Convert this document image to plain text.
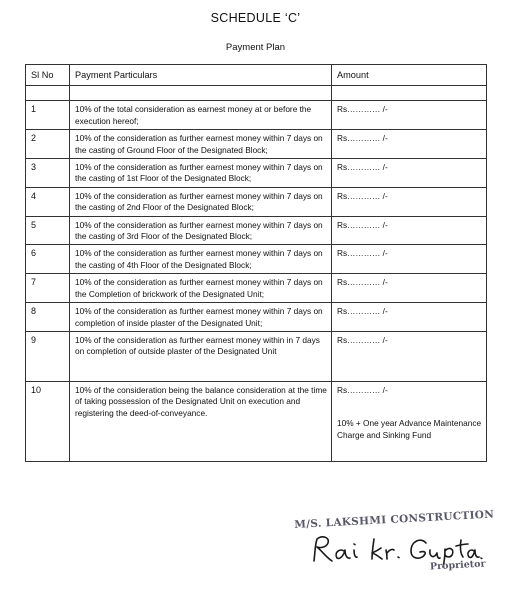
SCHEDULE ‘C’
Payment Plan
Sl No	Payment Particulars	Amount

1	10% of the total consideration as earnest money at or before the execution hereof;	Rs………… /-
2	10% of the consideration as further earnest money within 7 days on the casting of Ground Floor of the Designated Block;	Rs………… /-
3	10% of the consideration as further earnest money within 7 days on the casting of 1st Floor of the Designated Block;	Rs………… /-
4	10% of the consideration as further earnest money within 7 days on the casting of 2nd Floor of the Designated Block;	Rs………… /-
5	10% of the consideration as further earnest money within 7 days on the casting of 3rd Floor of the Designated Block;	Rs………… /-
6	10% of the consideration as further earnest money within 7 days on the casting of 4th Floor of the Designated Block;	Rs………… /-
7	10% of the consideration as further earnest money within 7 days on the Completion of brickwork of the Designated Unit;	Rs………… /-
8	10% of the consideration as further earnest money within 7 days on completion of inside plaster of the Designated Unit;	Rs………… /-
9	10% of the consideration as further earnest money within in 7 days on completion of outside plaster of the Designated Unit	Rs………… /-
10	10% of the consideration being the balance consideration at the time of taking possession of the Designated Unit on execution and registering the deed-of-conveyance.	Rs………… /-
10% + One year Advance Maintenance Charge and Sinking Fund
M/S. LAKSHMI CONSTRUCTION
Proprietor
